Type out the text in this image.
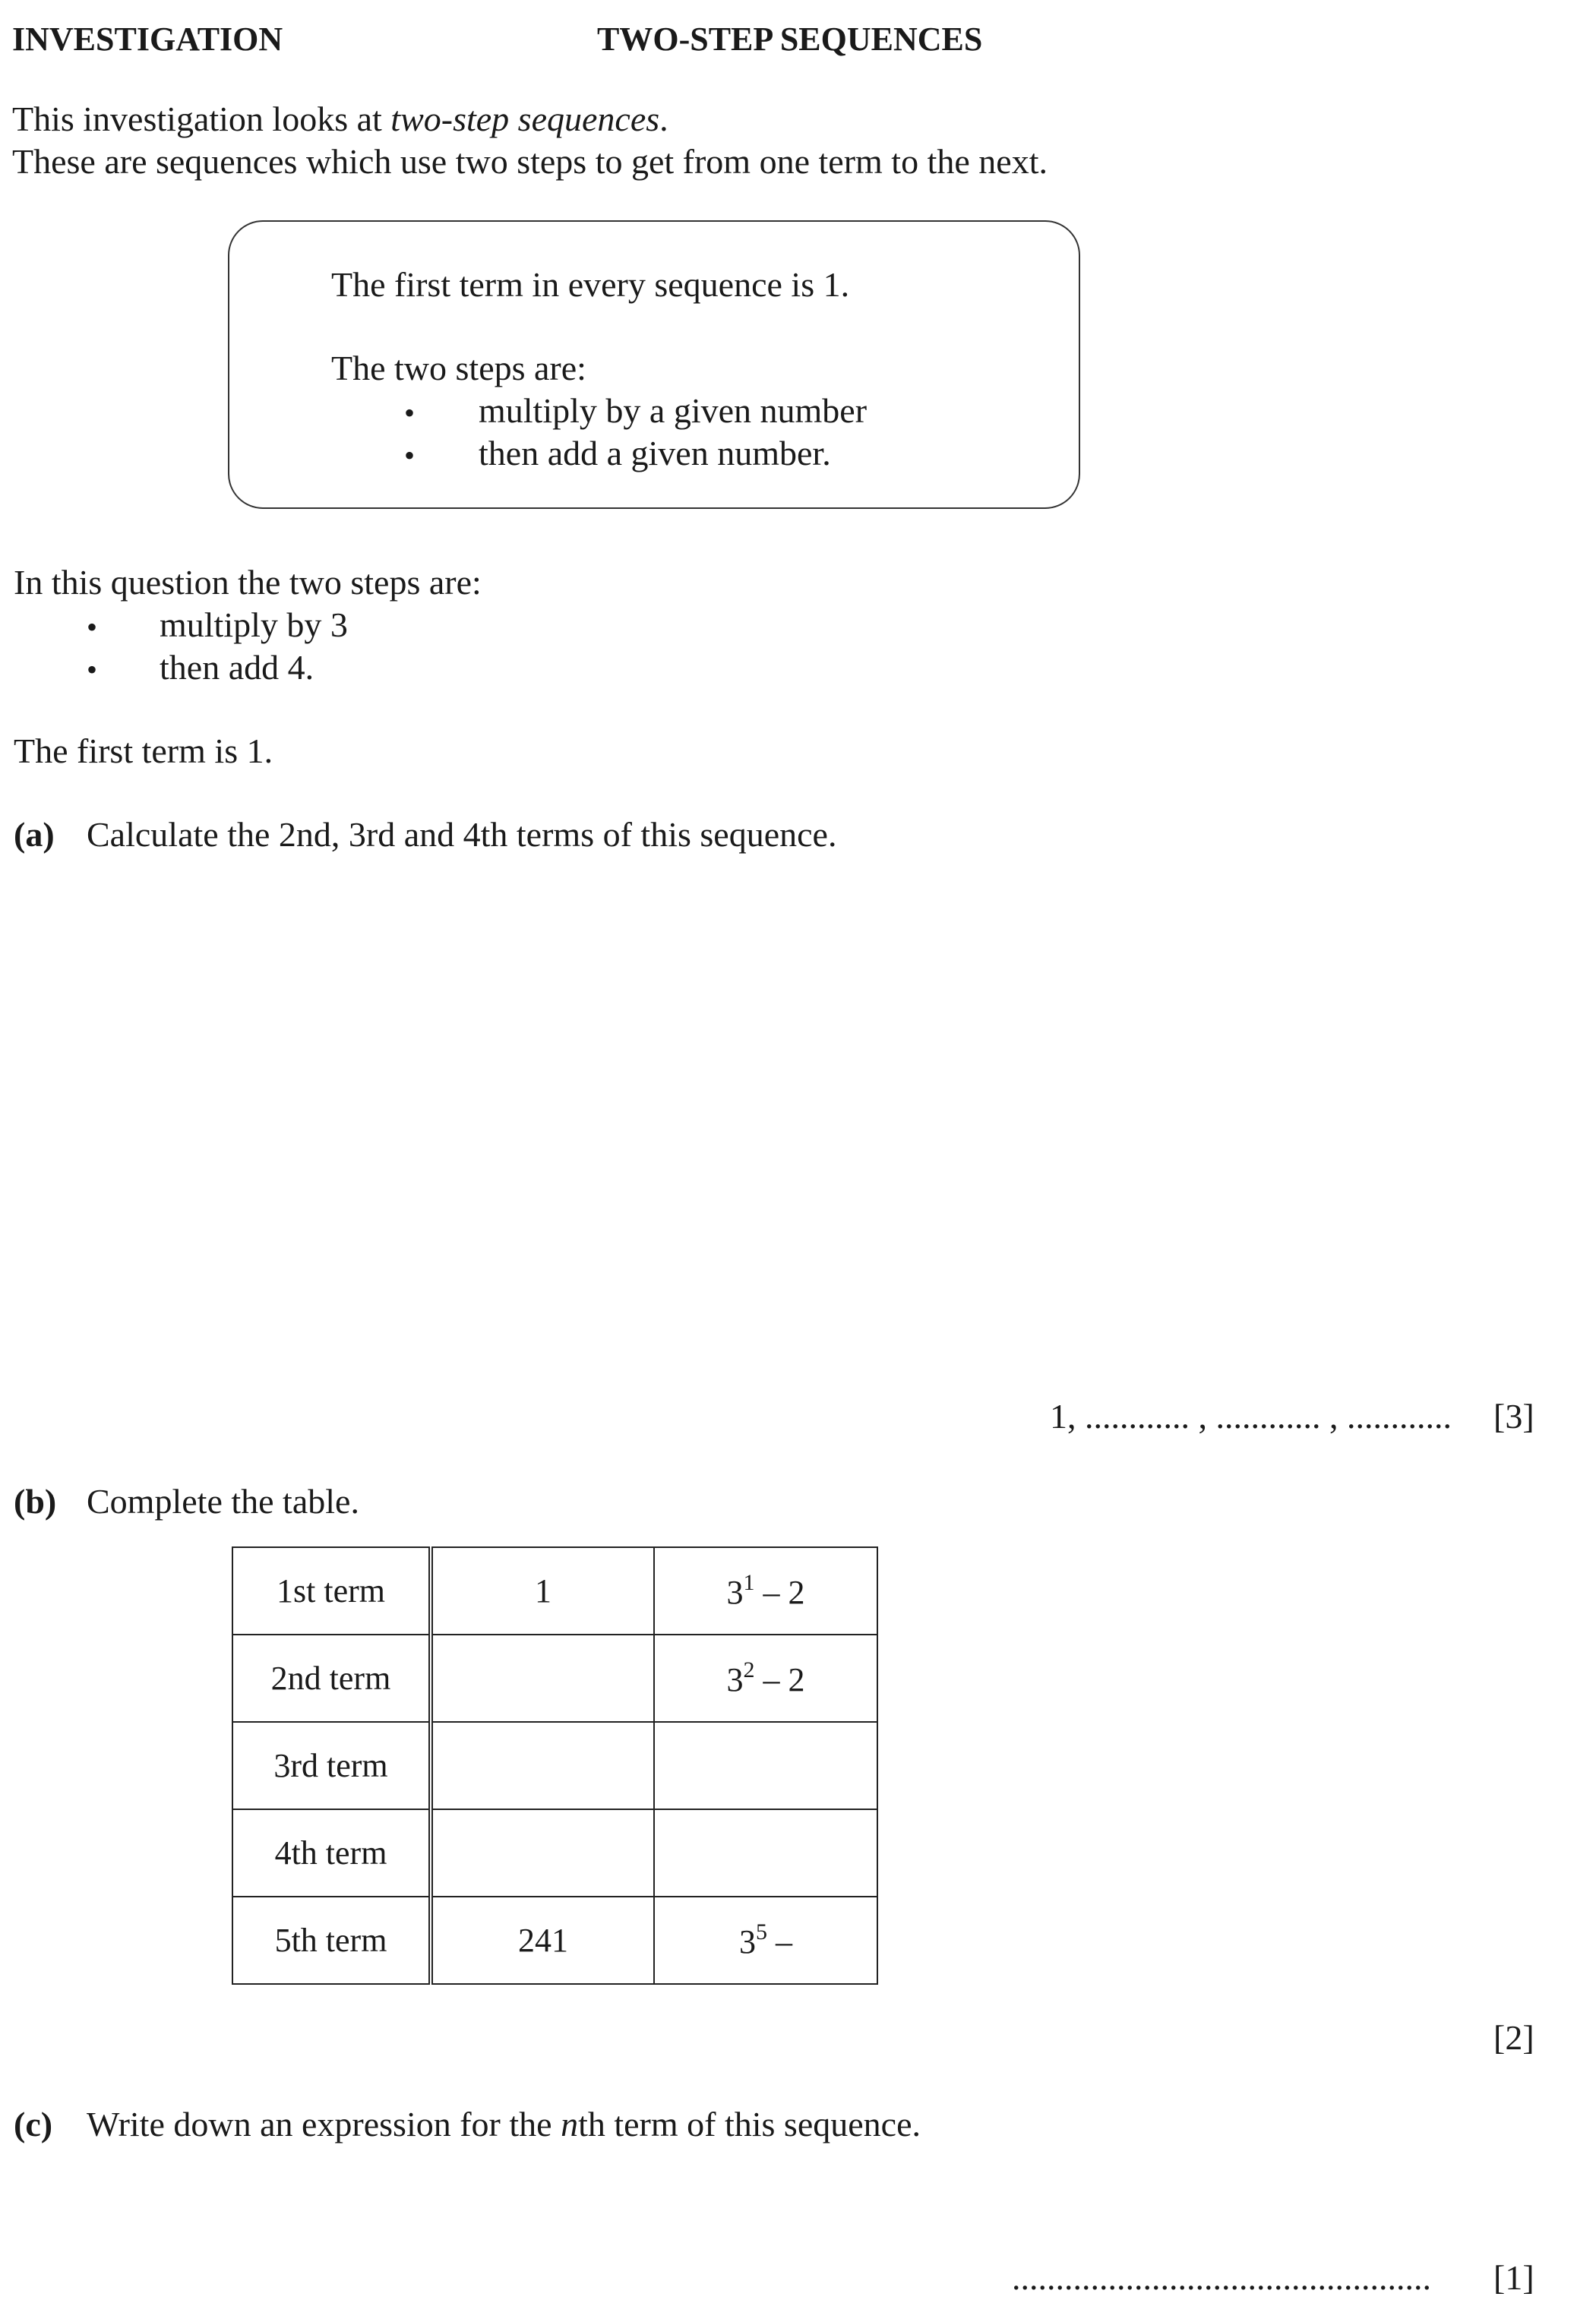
INVESTIGATION	TWO-STEP SEQUENCES
This investigation looks at two-step sequences.
These are sequences which use two steps to get from one term to the next.
The first term in every sequence is 1.
The two steps are:
• multiply by a given number
• then add a given number.
In this question the two steps are:
• multiply by 3
• then add 4.
The first term is 1.
(a) Calculate the 2nd, 3rd and 4th terms of this sequence.
1, ............ , ............ , ............ [3]
(b) Complete the table.
1st term	1	$3^1 - 2$
2nd term		$3^2 - 2$
3rd term		
4th term		
5th term	241	$3^5$ –
[2]
(c) Write down an expression for the nth term of this sequence.
................................................ [1]
